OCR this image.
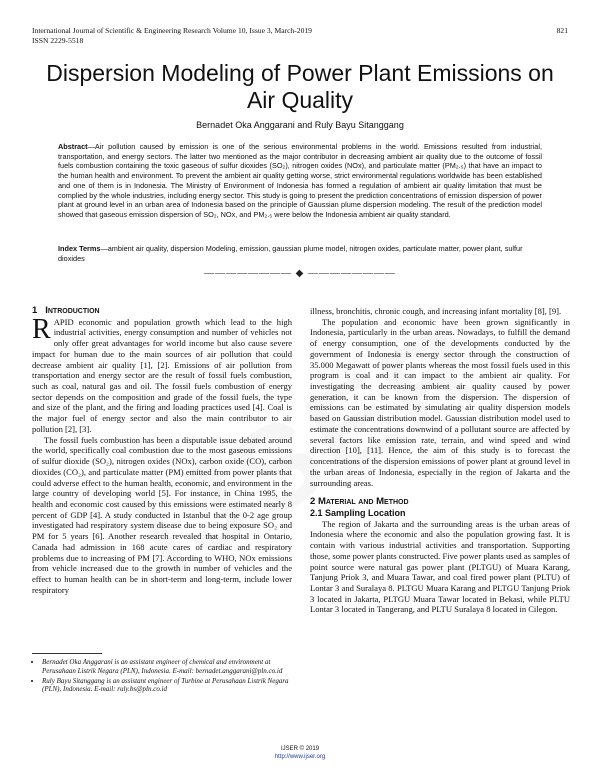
International Journal of Scientific & Engineering Research Volume 10, Issue 3, March-2019
ISSN 2229-5518
821
Dispersion Modeling of Power Plant Emissions on Air Quality
Bernadet Oka Anggarani and Ruly Bayu Sitanggang
Abstract—Air pollution caused by emission is one of the serious environmental problems in the world. Emissions resulted from industrial, transportation, and energy sectors. The latter two mentioned as the major contributor in decreasing ambient air quality due to the outcome of fossil fuels combustion containing the toxic gaseous of sulfur dioxides (SO₂), nitrogen oxides (NOx), and particulate matter (PM₂.₅) that have an impact to the human health and environment. To prevent the ambient air quality getting worse, strict environmental regulations worldwide has been established and one of them is in Indonesia. The Ministry of Environment of Indonesia has formed a regulation of ambient air quality limitation that must be complied by the whole industries, including energy sector. This study is going to present the prediction concentrations of emission dispersion of power plant at ground level in an urban area of Indonesia based on the principle of Gaussian plume dispersion modeling. The result of the prediction model showed that gaseous emission dispersion of SO₂, NOx, and PM₂.₅ were below the Indonesia ambient air quality standard.
Index Terms—ambient air quality, dispersion Modeling, emission, gaussian plume model, nitrogen oxides, particulate matter, power plant, sulfur dioxides
———————— ◆ ————————

1 Introduction

RAPID economic and population growth which lead to the high industrial activities, energy consumption and number of vehicles not only offer great advantages for world income but also cause severe impact for human due to the main sources of air pollution that could decrease ambient air quality [1], [2]. Emissions of air pollution from transportation and energy sector are the result of fossil fuels combustion, such as coal, natural gas and oil. The fossil fuels combustion of energy sector depends on the composition and grade of the fossil fuels, the type and size of the plant, and the firing and loading practices used [4]. Coal is the major fuel of energy sector and also the main contributor to air pollution [2], [3].

The fossil fuels combustion has been a disputable issue debated around the world, specifically coal combustion due to the most gaseous emissions of sulfur dioxide (SO₂), nitrogen oxides (NOx), carbon oxide (CO), carbon dioxides (CO₂), and particulate matter (PM) emitted from power plants that could adverse effect to the human health, economic, and environment in the large country of developing world [5]. For instance, in China 1995, the health and economic cost caused by this emissions were estimated nearly 8 percent of GDP [4]. A study conducted in Istanbul that the 0-2 age group investigated had respiratory system disease due to being exposure SO₂ and PM for 5 years [6]. Another research revealed that hospital in Ontario, Canada had admission in 168 acute cares of cardiac and respiratory problems due to increasing of PM [7]. According to WHO, NOx emissions from vehicle increased due to the growth in number of vehicles and the effect to human health can be in short-term and long-term, include lower respiratory

illness, bronchitis, chronic cough, and increasing infant mortality [8], [9].

The population and economic have been grown significantly in Indonesia, particularly in the urban areas. Nowadays, to fulfill the demand of energy consumption, one of the developments conducted by the government of Indonesia is energy sector through the construction of 35.000 Megawatt of power plants whereas the most fossil fuels used in this program is coal and it can impact to the ambient air quality. For investigating the decreasing ambient air quality caused by power generation, it can be known from the dispersion. The dispersion of emissions can be estimated by simulating air quality dispersion models based on Gaussian distribution model. Gaussian distribution model used to estimate the concentrations downwind of a pollutant source are affected by several factors like emission rate, terrain, and wind speed and wind direction [10], [11]. Hence, the aim of this study is to forecast the concentrations of the dispersion emissions of power plant at ground level in the urban areas of Indonesia, especially in the region of Jakarta and the surrounding areas.

2 Material and Method

2.1 Sampling Location

The region of Jakarta and the surrounding areas is the urban areas of Indonesia where the economic and also the population growing fast. It is contain with various industrial activities and transportation. Supporting those, some power plants constructed. Five power plants used as samples of point source were natural gas power plant (PLTGU) of Muara Karang, Tanjung Priok 3, and Muara Tawar, and coal fired power plant (PLTU) of Lontar 3 and Suralaya 8. PLTGU Muara Karang and PLTGU Tanjung Priok 3 located in Jakarta, PLTGU Muara Tawar located in Bekasi, while PLTU Lontar 3 located in Tangerang, and PLTU Suralaya 8 located in Cilegon.

• Bernadet Oka Anggarani is an assistant engineer of chemical and environment at Perusahaan Listrik Negara (PLN), Indonesia. E-mail: bernadet.anggarani@pln.co.id
• Ruly Bayu Sitanggang is an assistant engineer of Turbine at Perusahaan Listrik Negara (PLN), Indonesia. E-mail: ruly.bs@pln.co.id
IJSER © 2019
http://www.ijser.org
